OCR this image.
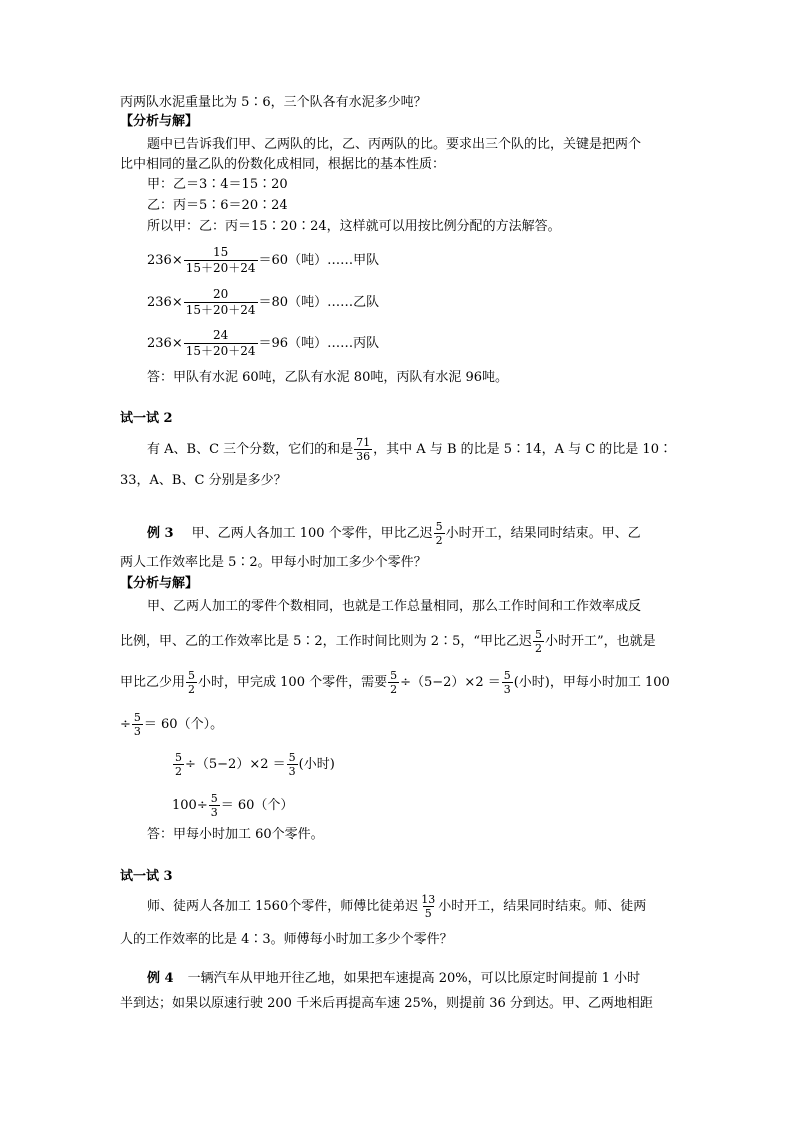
丙两队水泥重量比为 5∶6，三个队各有水泥多少吨？
【分析与解】
题中已告诉我们甲、乙两队的比，乙、丙两队的比。要求出三个队的比，关键是把两个
比中相同的量乙队的份数化成相同，根据比的基本性质：
甲：乙＝3∶4＝15∶20
乙：丙＝5∶6＝20∶24
所以甲：乙：丙＝15∶20∶24，这样就可以用按比例分配的方法解答。
$236\times \frac{15}{15+20+24} =60$（吨）……甲队
$236\times \frac{20}{15+20+24} =80$（吨）……乙队
$236\times \frac{24}{15+20+24} =96$（吨）……丙队
答：甲队有水泥 60吨，乙队有水泥 80吨，丙队有水泥 96吨。
试一试 2
有 A、B、C 三个分数，它们的和是 $\frac{71}{36}$ ，其中 A 与 B 的比是 5∶14，A 与 C 的比是 10∶
33，A、B、C 分别是多少？
例 3 甲、乙两人各加工 100 个零件，甲比乙迟 $\frac{5}{2}$ 小时开工，结果同时结束。甲、乙
两人工作效率比是 5∶2。甲每小时加工多少个零件？
【分析与解】
甲、乙两人加工的零件个数相同，也就是工作总量相同，那么工作时间和工作效率成反
比例，甲、乙的工作效率比是 5∶2，工作时间比则为 2∶5，“甲比乙迟 $\frac{5}{2}$ 小时开工”，也就是
甲比乙少用 $\frac{5}{2}$ 小时，甲完成 100 个零件，需要 $\frac{5}{2} \div(5-2)\times 2 = \frac{5}{3}$ (小时)，甲每小时加工 100
÷ $\frac{5}{3} = 60$（个）。
$\frac{5}{2} \div(5-2)\times 2 = \frac{5}{3}$ (小时)
$100\div \frac{5}{3} = 60$（个）
答：甲每小时加工 60个零件。
试一试 3
师、徒两人各加工 1560个零件，师傅比徒弟迟 $\frac{13}{5}$ 小时开工，结果同时结束。师、徒两
人的工作效率的比是 4∶3。师傅每小时加工多少个零件？
例 4 一辆汽车从甲地开往乙地，如果把车速提高 20%，可以比原定时间提前 1 小时
半到达；如果以原速行驶 200 千米后再提高车速 25%，则提前 36 分到达。甲、乙两地相距
